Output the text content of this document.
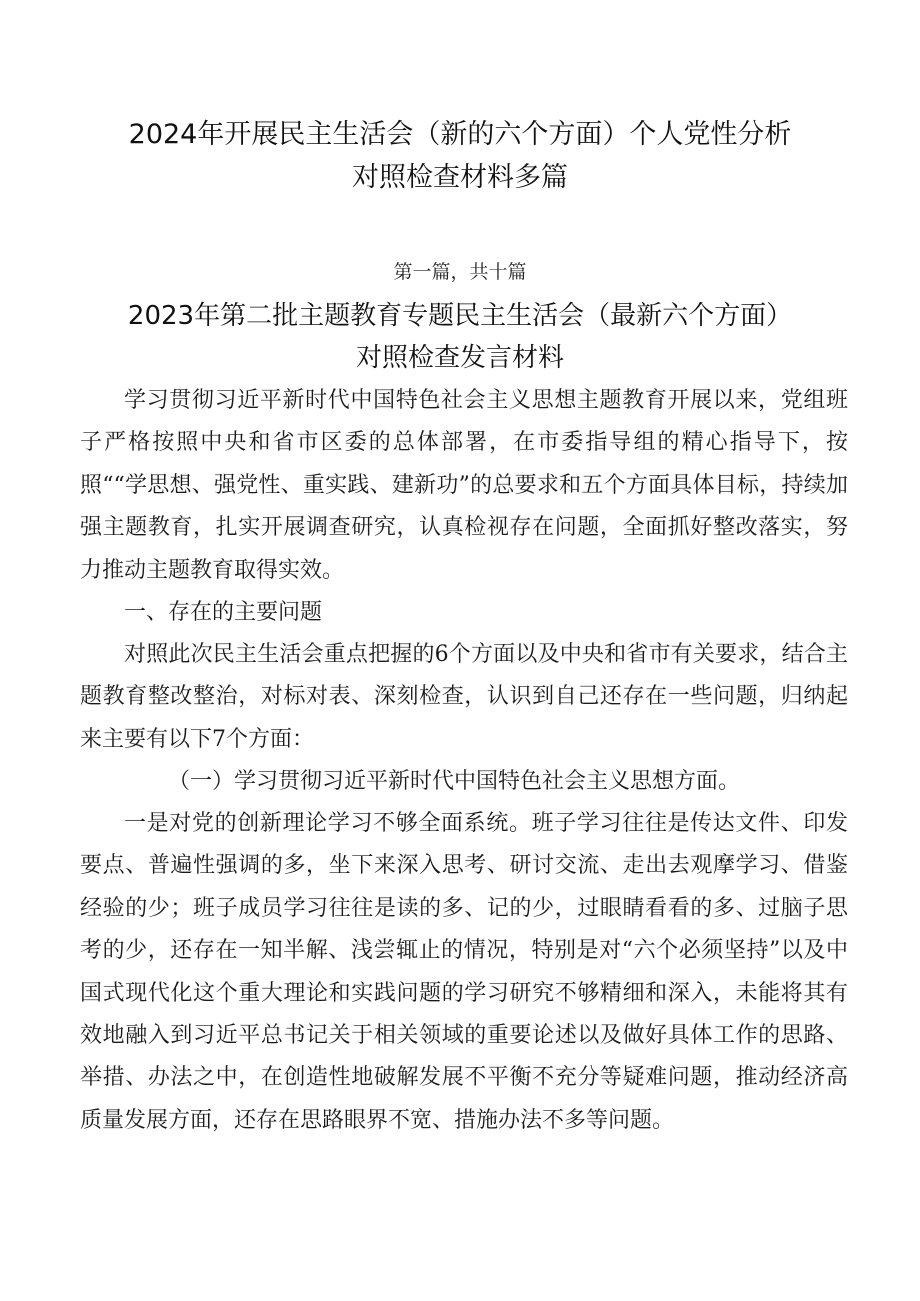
2024年开展民主生活会（新的六个方面）个人党性分析
对照检查材料多篇
第一篇，共十篇
2023年第二批主题教育专题民主生活会（最新六个方面）
对照检查发言材料

学习贯彻习近平新时代中国特色社会主义思想主题教育开展以来，党组班子严格按照中央和省市区委的总体部署，在市委指导组的精心指导下，按照““学思想、强党性、重实践、建新功”的总要求和五个方面具体目标，持续加强主题教育，扎实开展调查研究，认真检视存在问题，全面抓好整改落实，努力推动主题教育取得实效。

一、存在的主要问题

对照此次民主生活会重点把握的6个方面以及中央和省市有关要求，结合主题教育整改整治，对标对表、深刻检查，认识到自己还存在一些问题，归纳起来主要有以下7个方面：

（一）学习贯彻习近平新时代中国特色社会主义思想方面。

一是对党的创新理论学习不够全面系统。班子学习往往是传达文件、印发要点、普遍性强调的多，坐下来深入思考、研讨交流、走出去观摩学习、借鉴经验的少；班子成员学习往往是读的多、记的少，过眼睛看看的多、过脑子思考的少，还存在一知半解、浅尝辄止的情况，特别是对“六个必须坚持”以及中国式现代化这个重大理论和实践问题的学习研究不够精细和深入，未能将其有效地融入到习近平总书记关于相关领域的重要论述以及做好具体工作的思路、举措、办法之中，在创造性地破解发展不平衡不充分等疑难问题，推动经济高质量发展方面，还存在思路眼界不宽、措施办法不多等问题。
